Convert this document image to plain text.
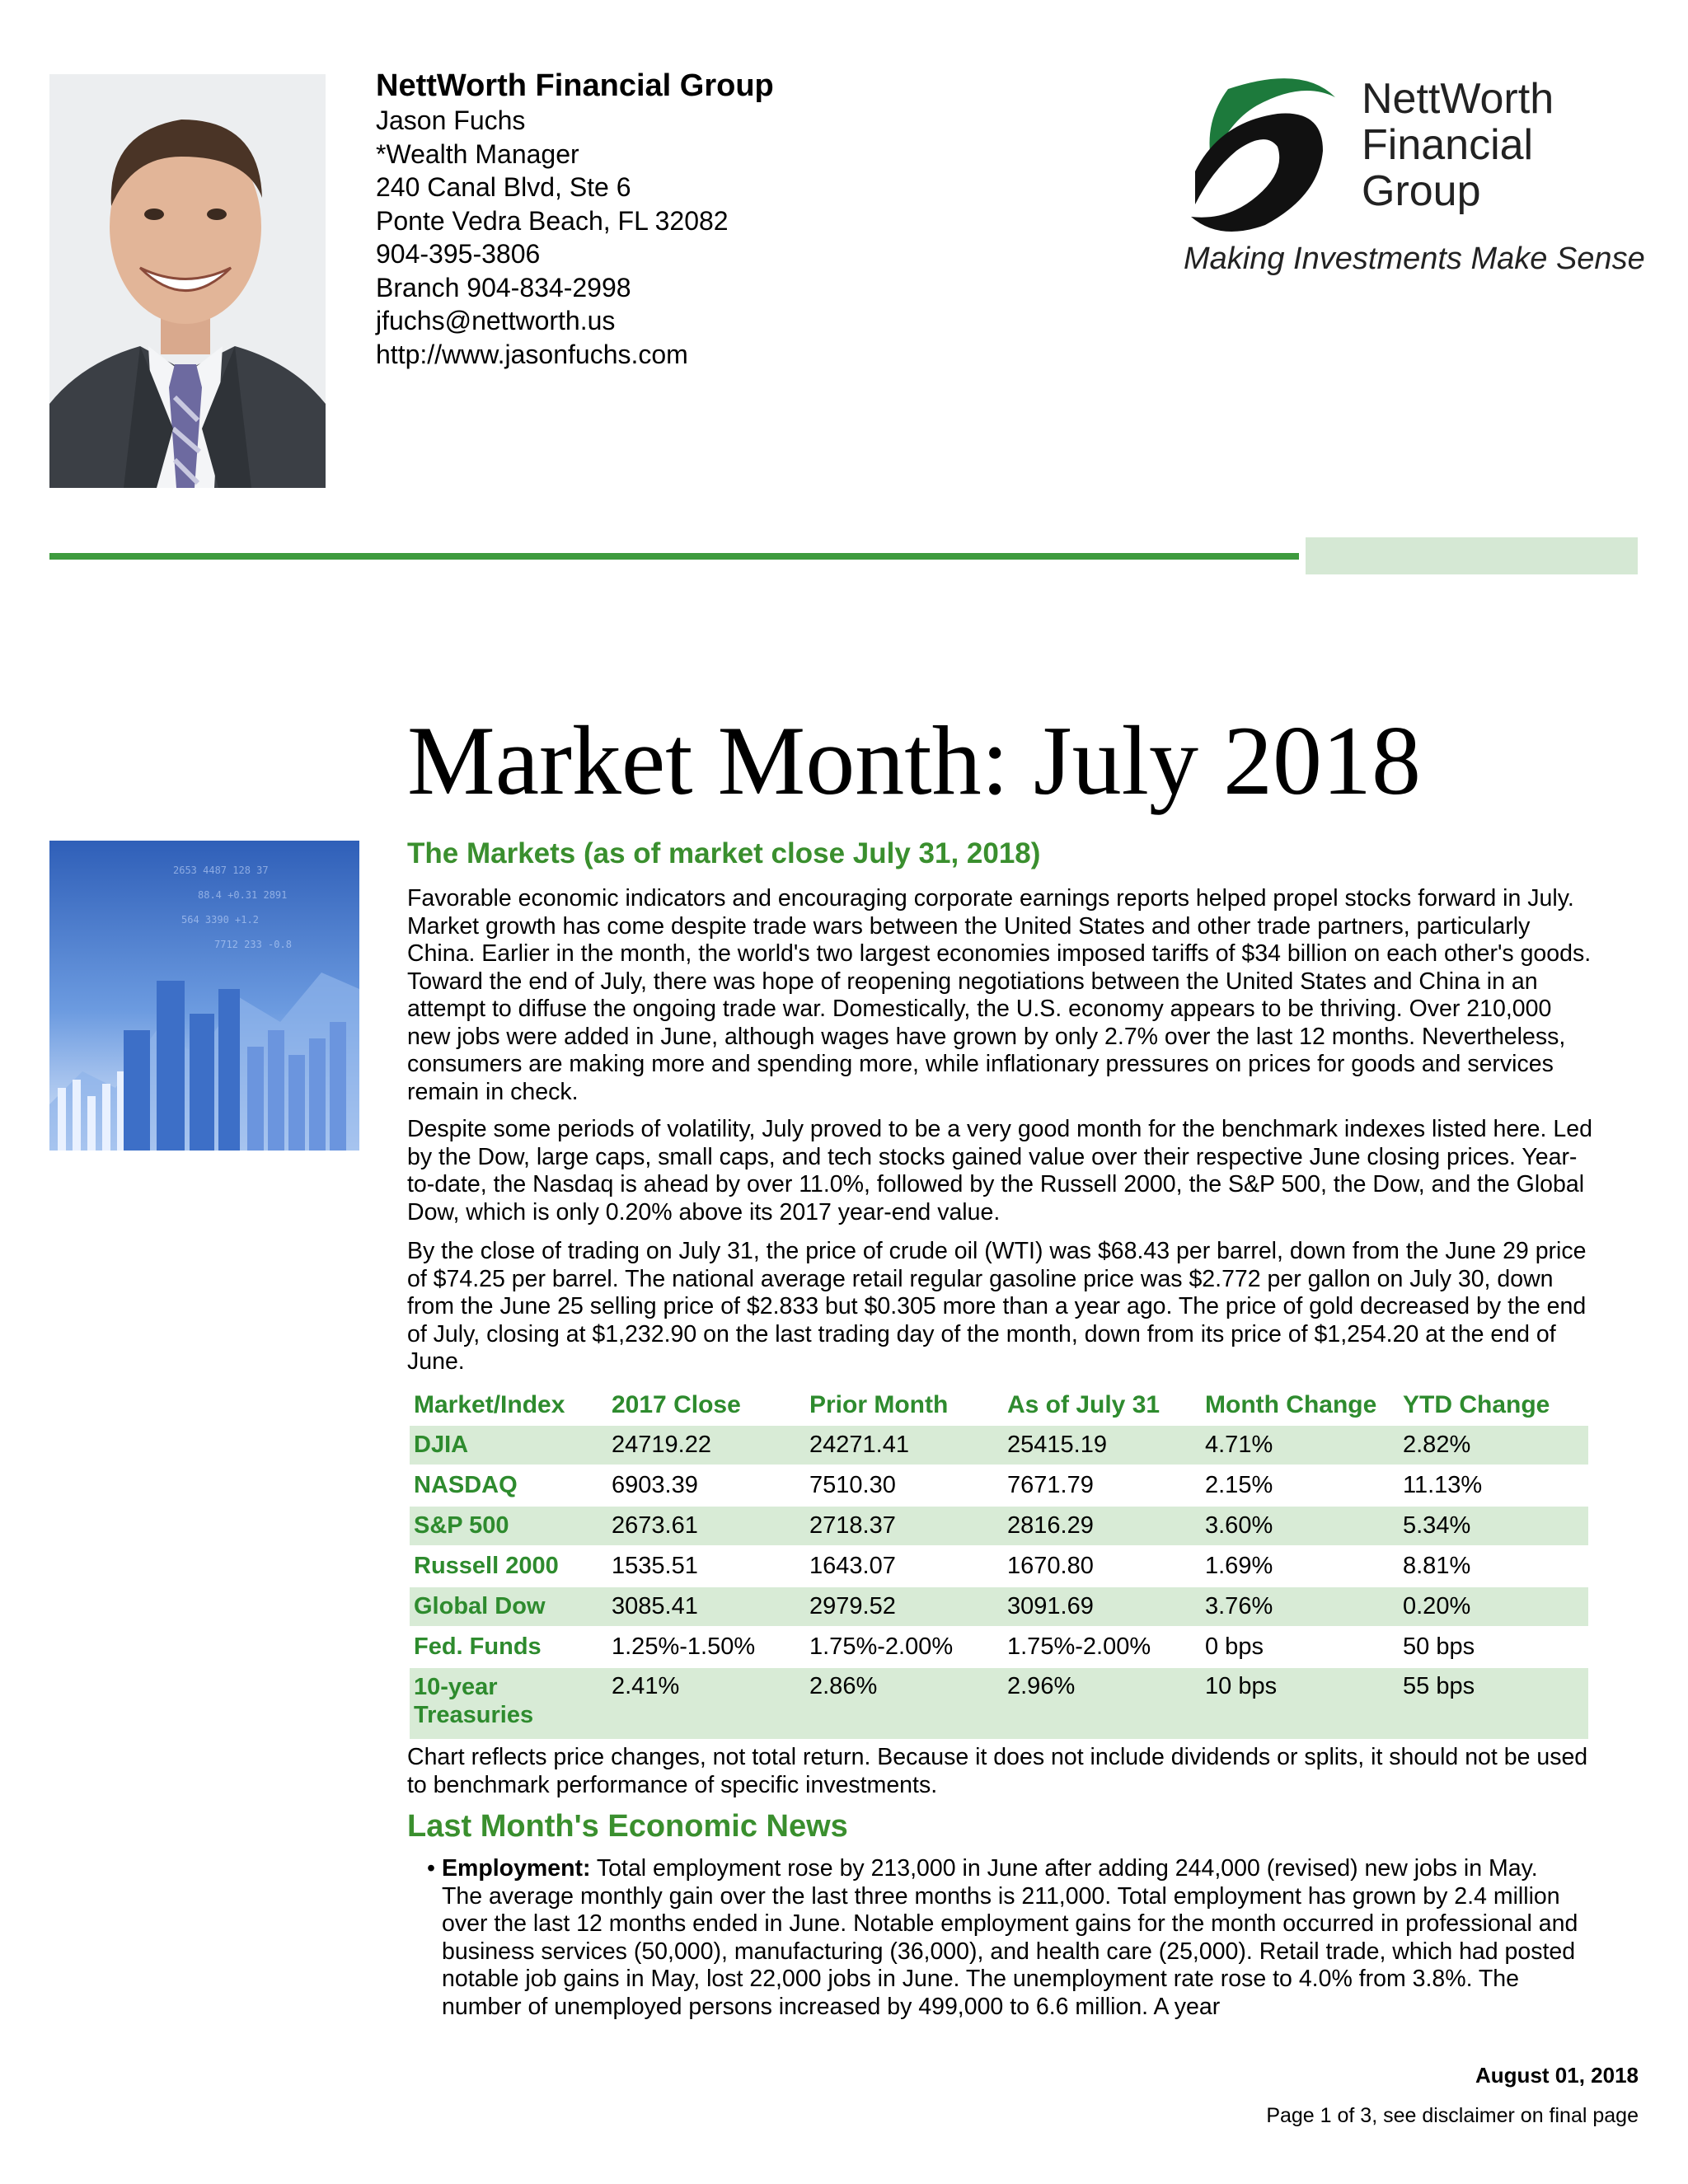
NettWorth Financial Group
Jason Fuchs
*Wealth Manager
240 Canal Blvd, Ste 6
Ponte Vedra Beach, FL 32082
904-395-3806
Branch 904-834-2998
jfuchs@nettworth.us
http://www.jasonfuchs.com
NettWorth
Financial
Group
Making Investments Make Sense
Market Month: July 2018
2653 4487 128 37
88.4 +0.31 2891
564 3390 +1.2
7712 233 -0.8
The Markets (as of market close July 31, 2018)
Favorable economic indicators and encouraging corporate earnings reports helped propel stocks forward in July. Market growth has come despite trade wars between the United States and other trade partners, particularly China. Earlier in the month, the world's two largest economies imposed tariffs of $34 billion on each other's goods. Toward the end of July, there was hope of reopening negotiations between the United States and China in an attempt to diffuse the ongoing trade war. Domestically, the U.S. economy appears to be thriving. Over 210,000 new jobs were added in June, although wages have grown by only 2.7% over the last 12 months. Nevertheless, consumers are making more and spending more, while inflationary pressures on prices for goods and services remain in check.
Despite some periods of volatility, July proved to be a very good month for the benchmark indexes listed here. Led by the Dow, large caps, small caps, and tech stocks gained value over their respective June closing prices. Year-to-date, the Nasdaq is ahead by over 11.0%, followed by the Russell 2000, the S&P 500, the Dow, and the Global Dow, which is only 0.20% above its 2017 year-end value.
By the close of trading on July 31, the price of crude oil (WTI) was $68.43 per barrel, down from the June 29 price of $74.25 per barrel. The national average retail regular gasoline price was $2.772 per gallon on July 30, down from the June 25 selling price of $2.833 but $0.305 more than a year ago. The price of gold decreased by the end of July, closing at $1,232.90 on the last trading day of the month, down from its price of $1,254.20 at the end of June.
Market/Index	2017 Close	Prior Month	As of July 31	Month Change	YTD Change
DJIA	24719.22	24271.41	25415.19	4.71%	2.82%
NASDAQ	6903.39	7510.30	7671.79	2.15%	11.13%
S&P 500	2673.61	2718.37	2816.29	3.60%	5.34%
Russell 2000	1535.51	1643.07	1670.80	1.69%	8.81%
Global Dow	3085.41	2979.52	3091.69	3.76%	0.20%
Fed. Funds	1.25%-1.50%	1.75%-2.00%	1.75%-2.00%	0 bps	50 bps
10-year Treasuries	2.41%	2.86%	2.96%	10 bps	55 bps
Chart reflects price changes, not total return. Because it does not include dividends or splits, it should not be used to benchmark performance of specific investments.
Last Month's Economic News
• Employment: Total employment rose by 213,000 in June after adding 244,000 (revised) new jobs in May. The average monthly gain over the last three months is 211,000. Total employment has grown by 2.4 million over the last 12 months ended in June. Notable employment gains for the month occurred in professional and business services (50,000), manufacturing (36,000), and health care (25,000). Retail trade, which had posted notable job gains in May, lost 22,000 jobs in June. The unemployment rate rose to 4.0% from 3.8%. The number of unemployed persons increased by 499,000 to 6.6 million. A year
August 01, 2018
Page 1 of 3, see disclaimer on final page
